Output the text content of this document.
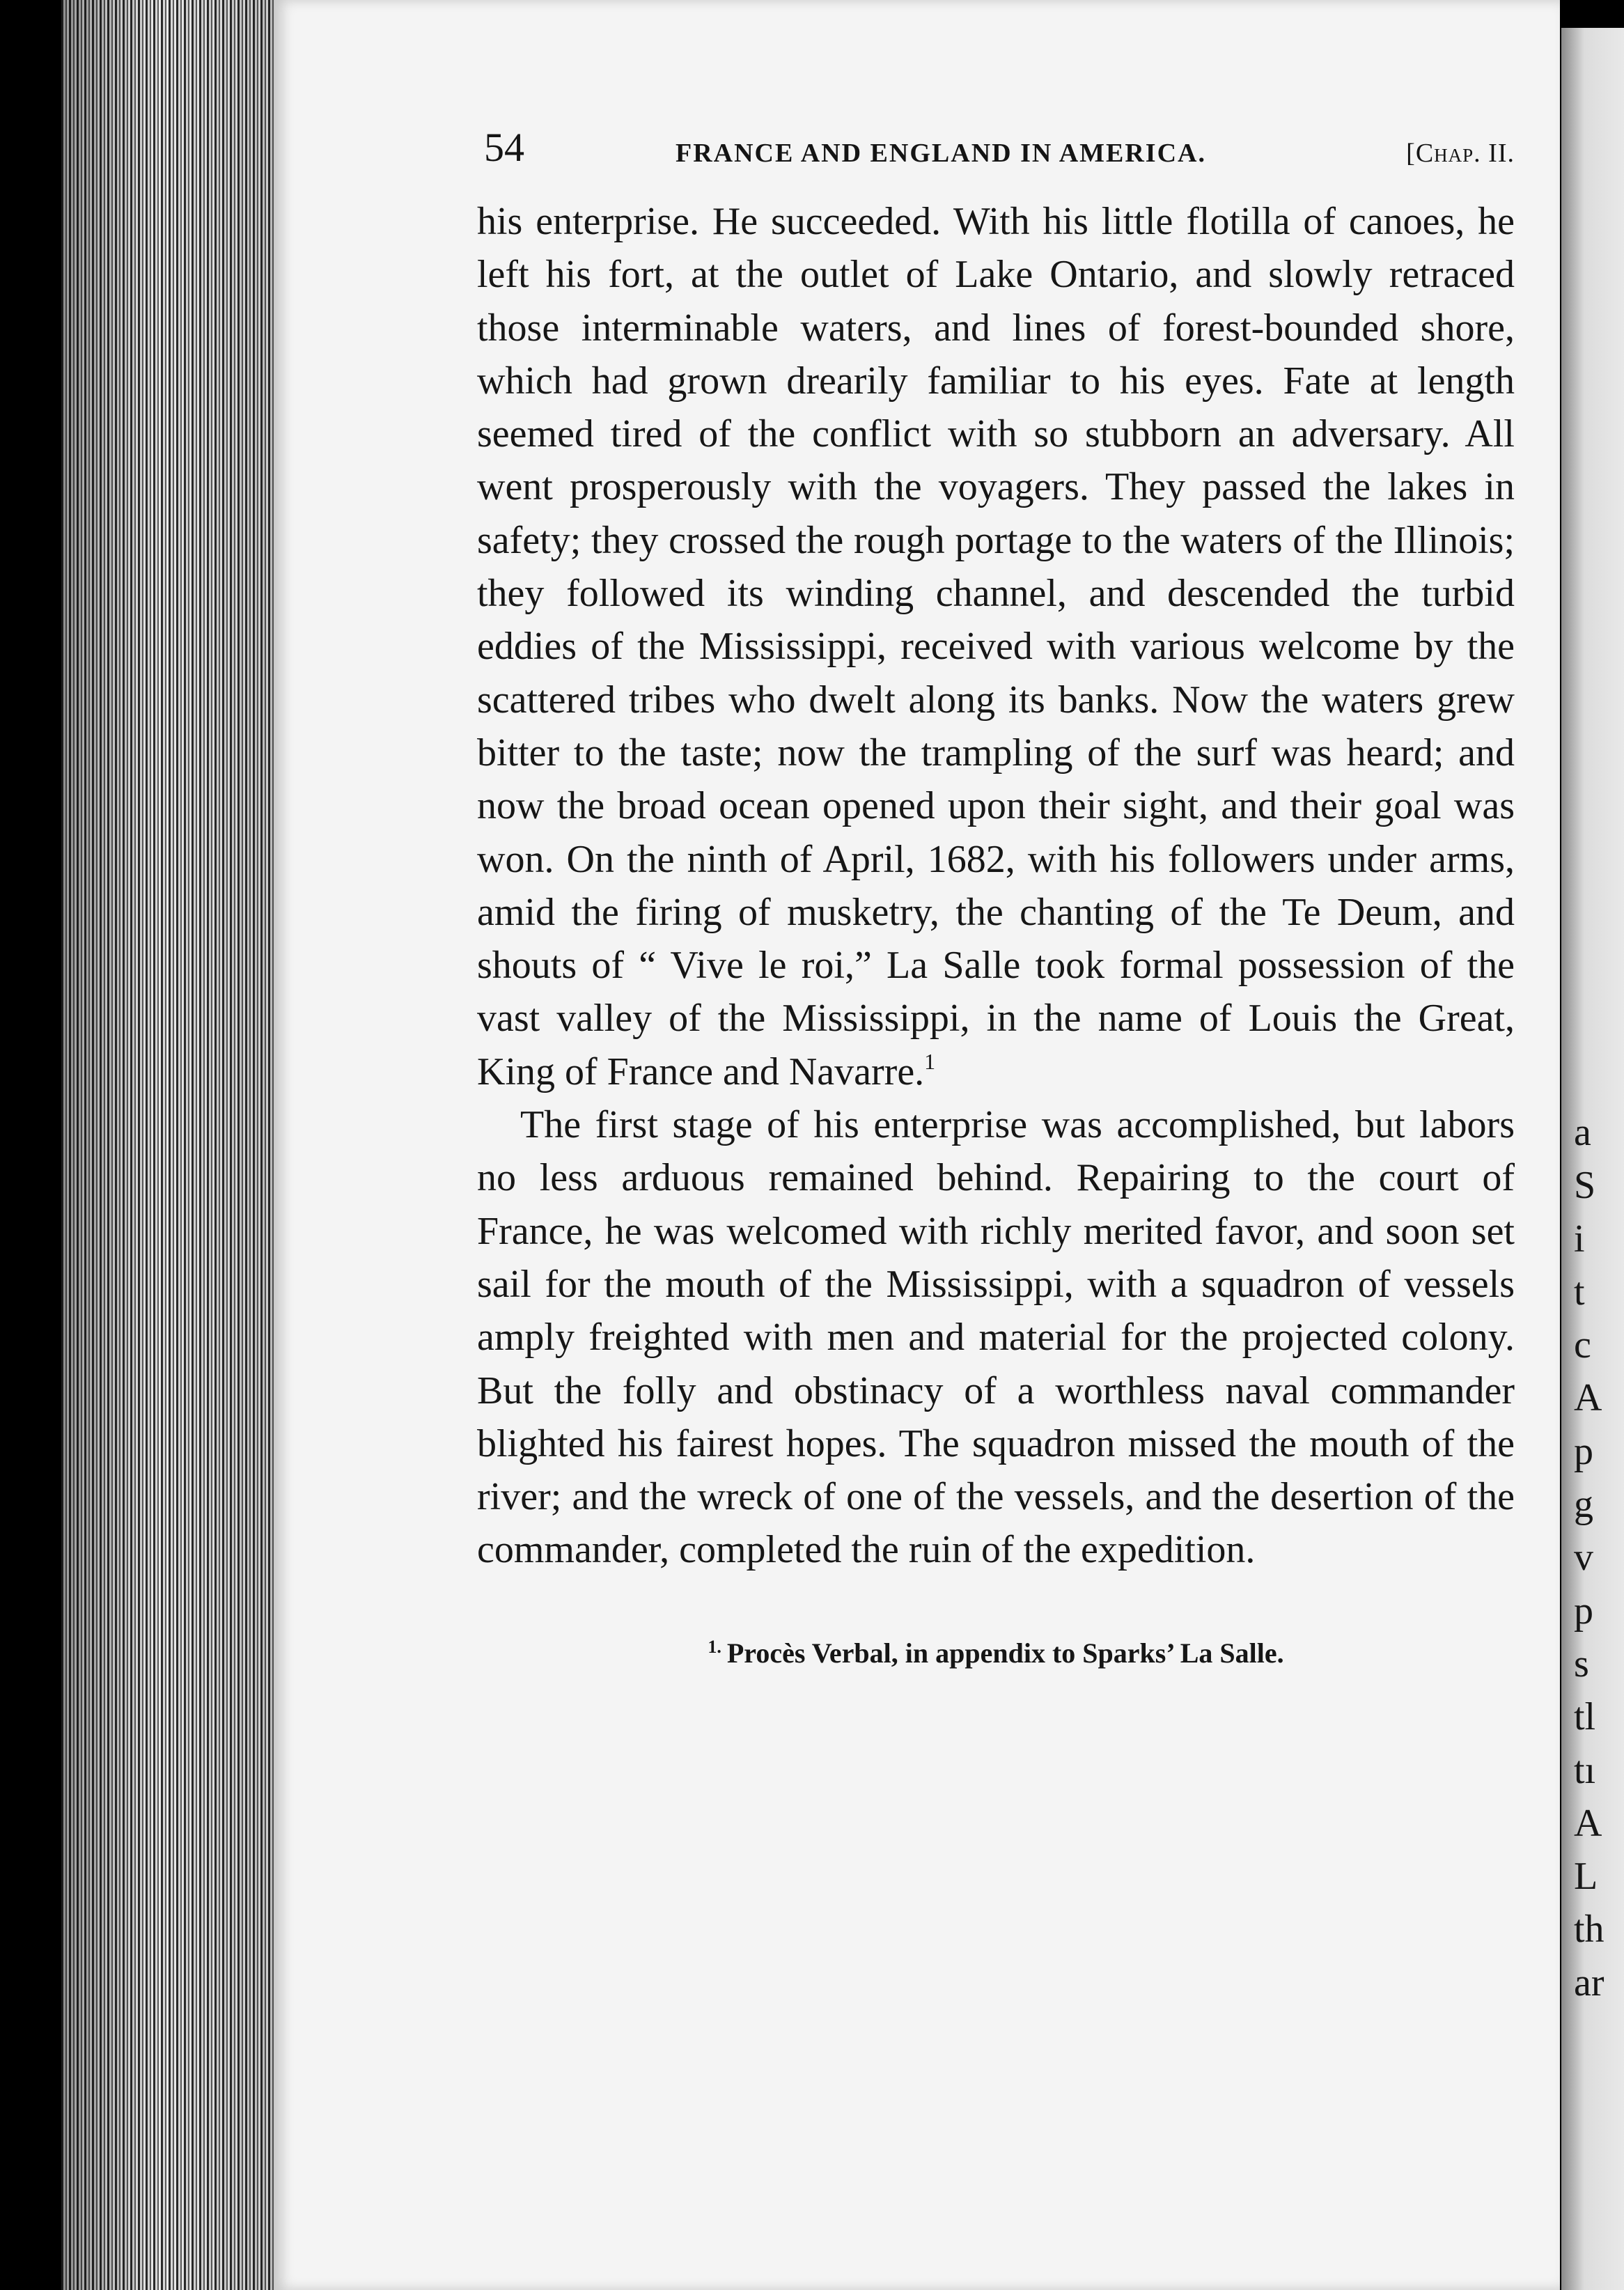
54	FRANCE AND ENGLAND IN AMERICA.	[Chap. II.

his enterprise. He succeeded. With his little flotilla of canoes, he left his fort, at the outlet of Lake Ontario, and slowly retraced those interminable waters, and lines of forest-bounded shore, which had grown drearily familiar to his eyes. Fate at length seemed tired of the conflict with so stubborn an adversary. All went prosperously with the voyagers. They passed the lakes in safety; they crossed the rough portage to the waters of the Illinois; they followed its winding channel, and descended the turbid eddies of the Mississippi, received with various welcome by the scattered tribes who dwelt along its banks. Now the waters grew bitter to the taste; now the trampling of the surf was heard; and now the broad ocean opened upon their sight, and their goal was won. On the ninth of April, 1682, with his followers under arms, amid the firing of musketry, the chanting of the Te Deum, and shouts of “ Vive le roi,” La Salle took formal possession of the vast valley of the Mississippi, in the name of Louis the Great, King of France and Navarre.$^1$

The first stage of his enterprise was accomplished, but labors no less arduous remained behind. Repairing to the court of France, he was welcomed with richly merited favor, and soon set sail for the mouth of the Mississippi, with a squadron of vessels amply freighted with men and material for the projected colony. But the folly and obstinacy of a worthless naval commander blighted his fairest hopes. The squadron missed the mouth of the river; and the wreck of one of the vessels, and the desertion of the commander, completed the ruin of the expedition.

$^{1.}$ Procès Verbal, in appendix to Sparks’ La Salle.
a
S
i
t
c
A
p
g
v
p
s
tl
tı
A
L
th
ar
